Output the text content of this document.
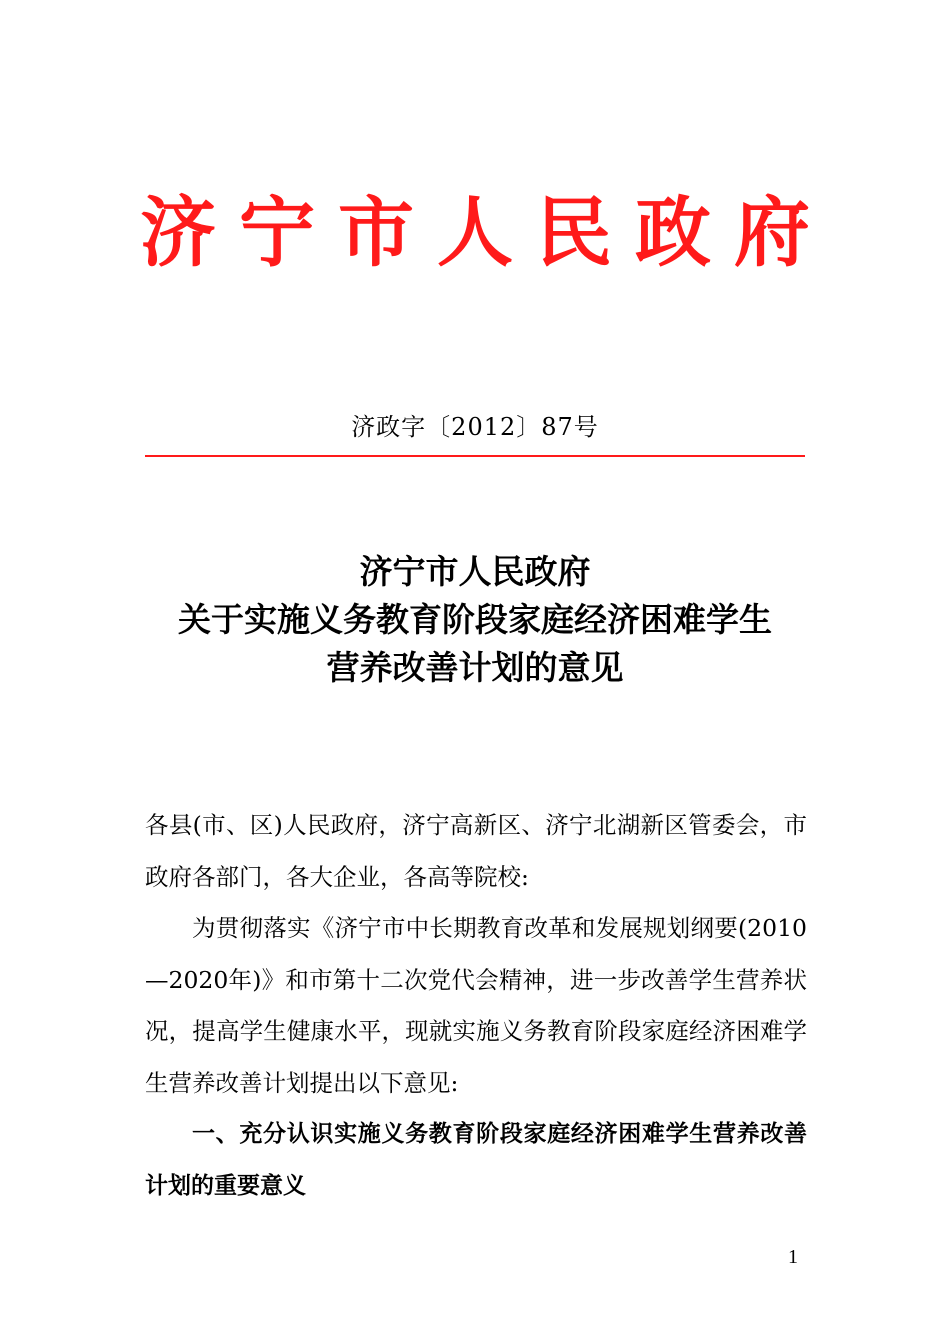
济 宁 市 人 民 政 府
济政字〔2012〕87号
济宁市人民政府
关于实施义务教育阶段家庭经济困难学生
营养改善计划的意见

各县(市、区)人民政府，济宁高新区、济宁北湖新区管委会，市政府各部门，各大企业，各高等院校:

为贯彻落实《济宁市中长期教育改革和发展规划纲要(2010—2020年)》和市第十二次党代会精神，进一步改善学生营养状况，提高学生健康水平，现就实施义务教育阶段家庭经济困难学生营养改善计划提出以下意见:

一、充分认识实施义务教育阶段家庭经济困难学生营养改善计划的重要意义

1
